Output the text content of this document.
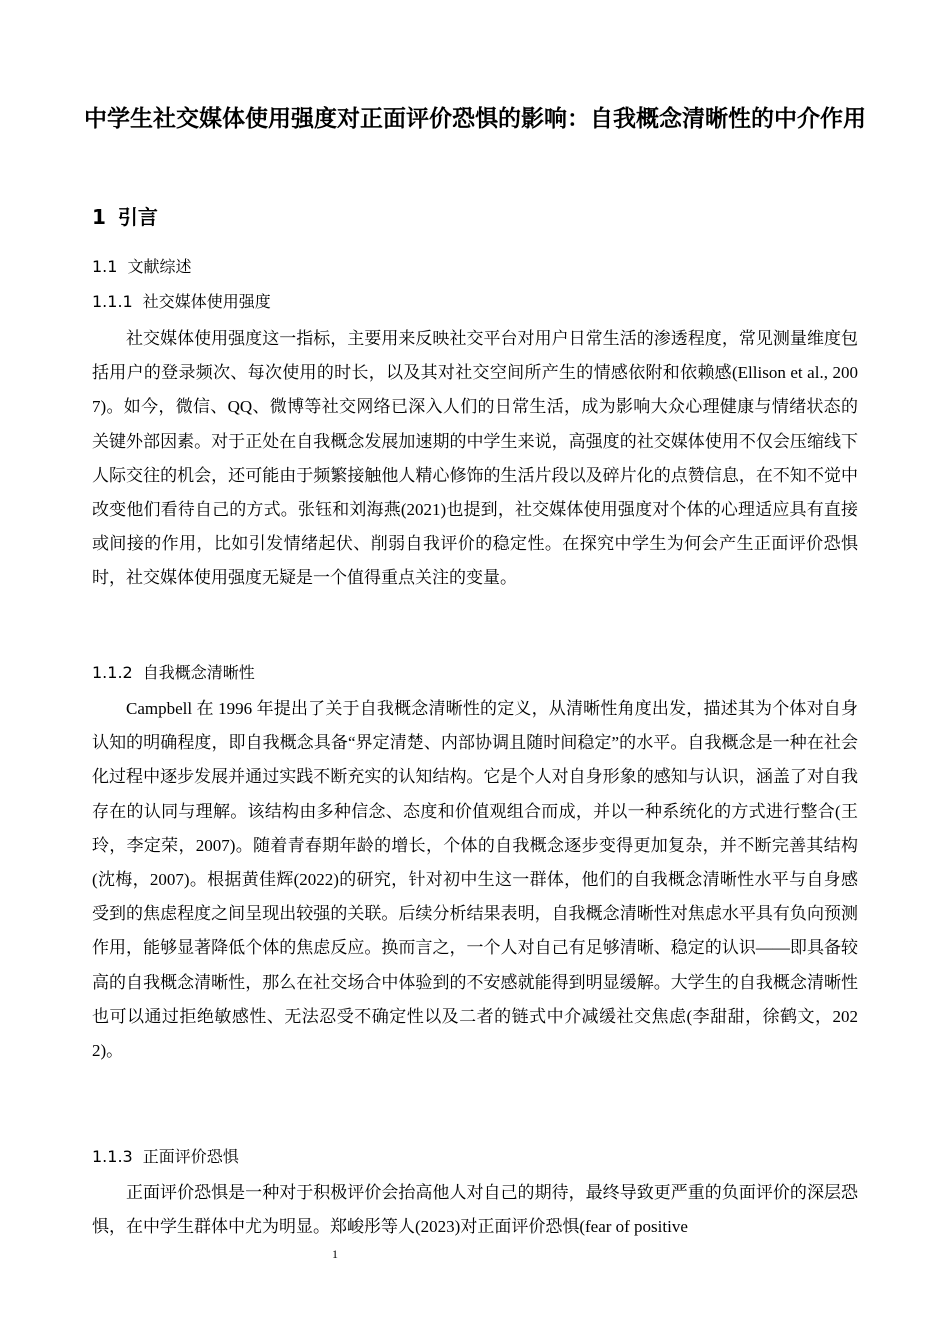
中学生社交媒体使用强度对正面评价恐惧的影响：自我概念清晰性的中介作用
1 引言
1.1 文献综述
1.1.1 社交媒体使用强度

社交媒体使用强度这一指标，主要用来反映社交平台对用户日常生活的渗透程度，常见测量维度包括用户的登录频次、每次使用的时长，以及其对社交空间所产生的情感依附和依赖感(Ellison et al., 2007)。如今，微信、QQ、微博等社交网络已深入人们的日常生活，成为影响大众心理健康与情绪状态的关键外部因素。对于正处在自我概念发展加速期的中学生来说，高强度的社交媒体使用不仅会压缩线下人际交往的机会，还可能由于频繁接触他人精心修饰的生活片段以及碎片化的点赞信息，在不知不觉中改变他们看待自己的方式。张钰和刘海燕(2021)也提到，社交媒体使用强度对个体的心理适应具有直接或间接的作用，比如引发情绪起伏、削弱自我评价的稳定性。在探究中学生为何会产生正面评价恐惧时，社交媒体使用强度无疑是一个值得重点关注的变量。

1.1.2 自我概念清晰性

Campbell 在 1996 年提出了关于自我概念清晰性的定义，从清晰性角度出发，描述其为个体对自身认知的明确程度，即自我概念具备“界定清楚、内部协调且随时间稳定”的水平。自我概念是一种在社会化过程中逐步发展并通过实践不断充实的认知结构。它是个人对自身形象的感知与认识，涵盖了对自我存在的认同与理解。该结构由多种信念、态度和价值观组合而成，并以一种系统化的方式进行整合(王玲，李定荣，2007)。随着青春期年龄的增长，个体的自我概念逐步变得更加复杂，并不断完善其结构(沈梅，2007)。根据黄佳辉(2022)的研究，针对初中生这一群体，他们的自我概念清晰性水平与自身感受到的焦虑程度之间呈现出较强的关联。后续分析结果表明，自我概念清晰性对焦虑水平具有负向预测作用，能够显著降低个体的焦虑反应。换而言之，一个人对自己有足够清晰、稳定的认识——即具备较高的自我概念清晰性，那么在社交场合中体验到的不安感就能得到明显缓解。大学生的自我概念清晰性也可以通过拒绝敏感性、无法忍受不确定性以及二者的链式中介减缓社交焦虑(李甜甜，徐鹤文，2022)。

1.1.3 正面评价恐惧

正面评价恐惧是一种对于积极评价会抬高他人对自己的期待，最终导致更严重的负面评价的深层恐惧，在中学生群体中尤为明显。郑峻彤等人(2023)对正面评价恐惧(fear of positive

1
